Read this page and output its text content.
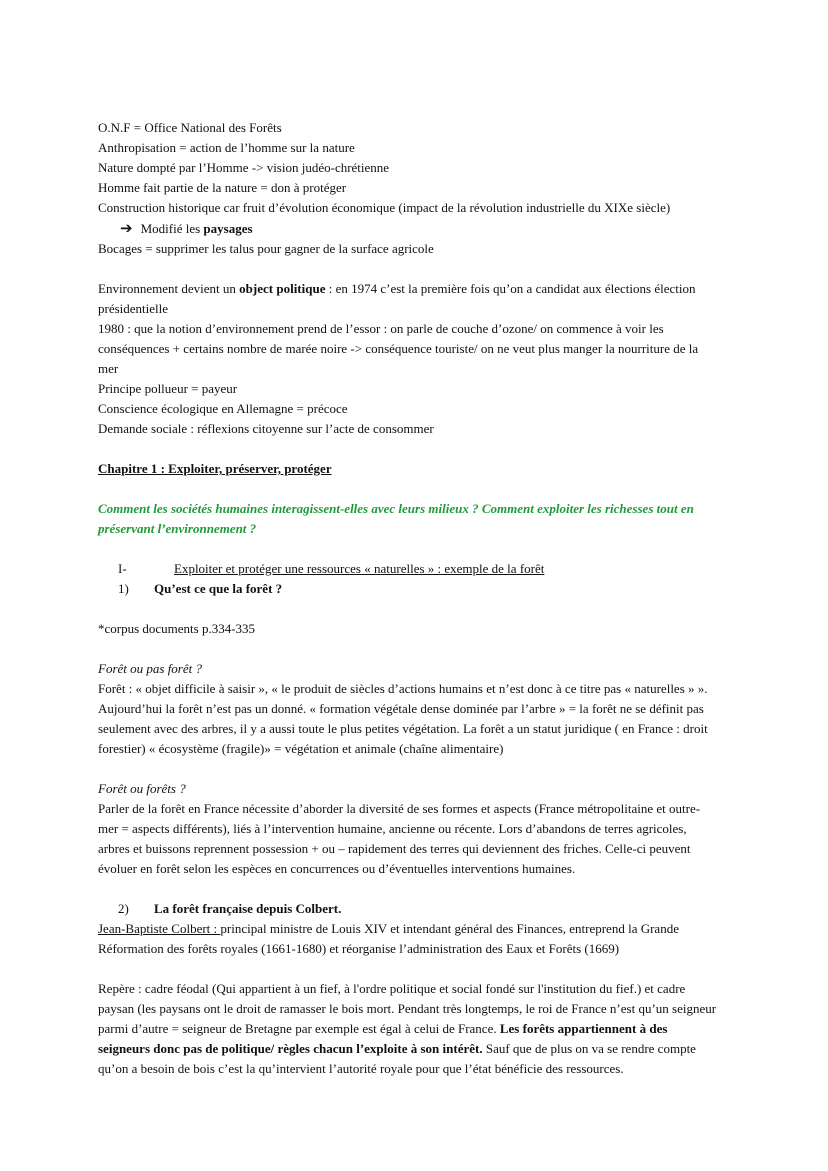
O.N.F = Office National des Forêts

Anthropisation = action de l’homme sur la nature

Nature dompté par l’Homme -> vision judéo-chrétienne

Homme fait partie de la nature = don à protéger

Construction historique car fruit d’évolution économique (impact de la révolution industrielle du XIXe siècle)

➔ Modifié les paysages

Bocages = supprimer les talus pour gagner de la surface agricole

Environnement devient un object politique : en 1974 c’est la première fois qu’on a candidat aux élections élection présidentielle

1980 : que la notion d’environnement prend de l’essor : on parle de couche d’ozone/ on commence à voir les conséquences + certains nombre de marée noire -> conséquence touriste/ on ne veut plus manger la nourriture de la mer

Principe pollueur = payeur

Conscience écologique en Allemagne = précoce

Demande sociale : réflexions citoyenne sur l’acte de consommer

Chapitre 1 : Exploiter, préserver, protéger

Comment les sociétés humaines interagissent-elles avec leurs milieux ? Comment exploiter les richesses tout en préservant l’environnement ?

I-	Exploiter et protéger une ressources « naturelles » : exemple de la forêt

1) Qu’est ce que la forêt ?

*corpus documents p.334-335

Forêt ou pas forêt ?

Forêt : « objet difficile à saisir », « le produit de siècles d’actions humains et n’est donc à ce titre pas « naturelles » ». Aujourd’hui la forêt n’est pas un donné. « formation végétale dense dominée par l’arbre » = la forêt ne se définit pas seulement avec des arbres, il y a aussi toute le plus petites végétation. La forêt a un statut juridique ( en France : droit forestier) « écosystème (fragile)» = végétation et animale (chaîne alimentaire)

Forêt ou forêts ?

Parler de la forêt en France nécessite d’aborder la diversité de ses formes et aspects (France métropolitaine et outre-mer = aspects différents), liés à l’intervention humaine, ancienne ou récente. Lors d’abandons de terres agricoles, arbres et buissons reprennent possession + ou – rapidement des terres qui deviennent des friches. Celle-ci peuvent évoluer en forêt selon les espèces en concurrences ou d’éventuelles interventions humaines.

2) La forêt française depuis Colbert.

Jean-Baptiste Colbert : principal ministre de Louis XIV et intendant général des Finances, entreprend la Grande Réformation des forêts royales (1661-1680) et réorganise l’administration des Eaux et Forêts (1669)

Repère : cadre féodal (Qui appartient à un fief, à l'ordre politique et social fondé sur l'institution du fief.) et cadre paysan (les paysans ont le droit de ramasser le bois mort. Pendant très longtemps, le roi de France n’est qu’un seigneur parmi d’autre = seigneur de Bretagne par exemple est égal à celui de France. Les forêts appartiennent à des seigneurs donc pas de politique/ règles chacun l’exploite à son intérêt. Sauf que de plus on va se rendre compte qu’on a besoin de bois c’est la qu’intervient l’autorité royale pour que l’état bénéficie des ressources.
